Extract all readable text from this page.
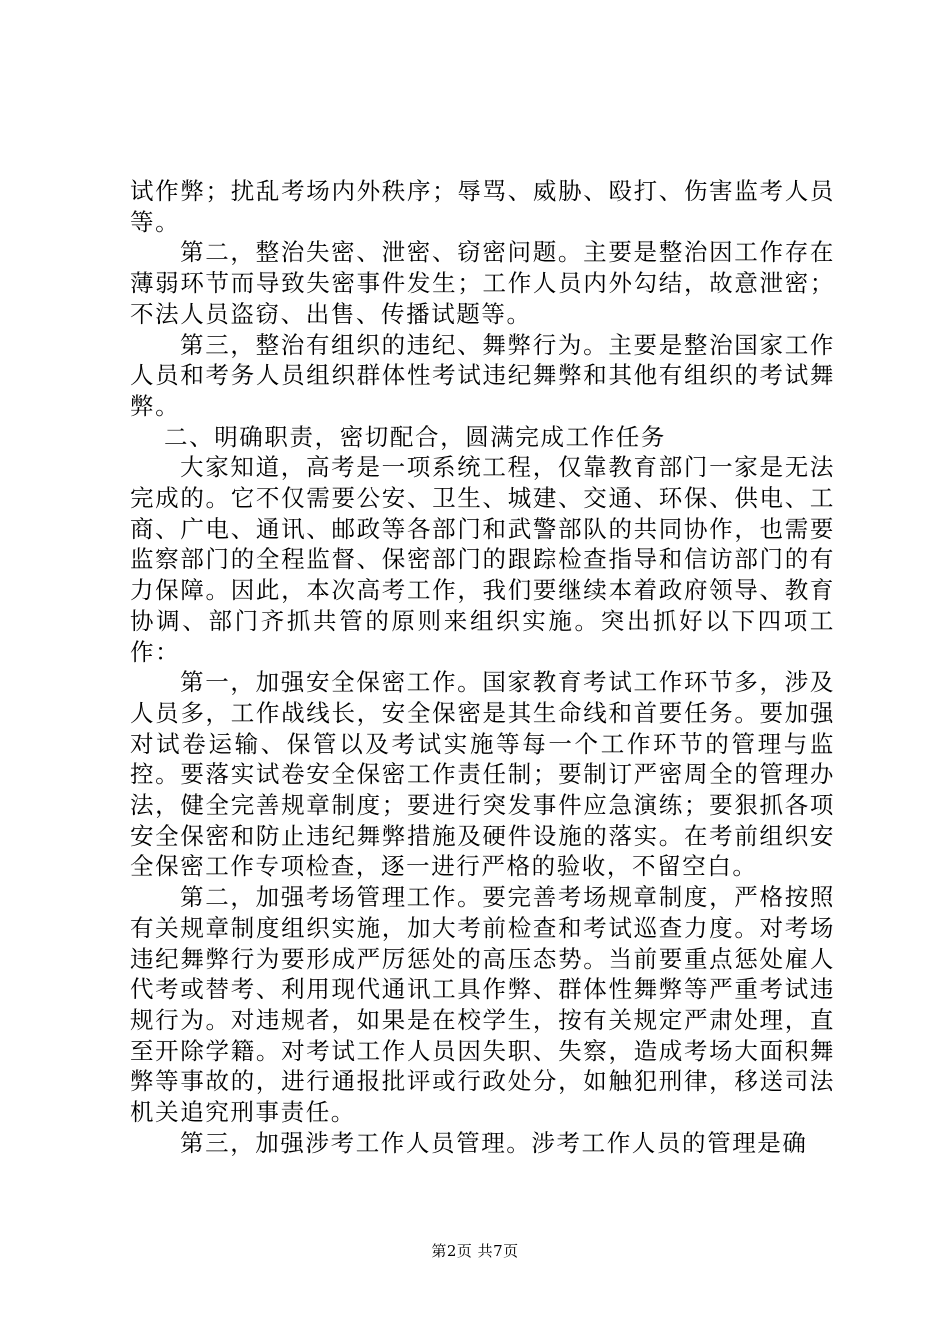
试作弊；扰乱考场内外秩序；辱骂、威胁、殴打、伤害监考人员等。

第二，整治失密、泄密、窃密问题。主要是整治因工作存在薄弱环节而导致失密事件发生；工作人员内外勾结，故意泄密；不法人员盗窃、出售、传播试题等。

第三，整治有组织的违纪、舞弊行为。主要是整治国家工作人员和考务人员组织群体性考试违纪舞弊和其他有组织的考试舞弊。

二、明确职责，密切配合，圆满完成工作任务

大家知道，高考是一项系统工程，仅靠教育部门一家是无法完成的。它不仅需要公安、卫生、城建、交通、环保、供电、工商、广电、通讯、邮政等各部门和武警部队的共同协作，也需要监察部门的全程监督、保密部门的跟踪检查指导和信访部门的有力保障。因此，本次高考工作，我们要继续本着政府领导、教育协调、部门齐抓共管的原则来组织实施。突出抓好以下四项工作：

第一，加强安全保密工作。国家教育考试工作环节多，涉及人员多，工作战线长，安全保密是其生命线和首要任务。要加强对试卷运输、保管以及考试实施等每一个工作环节的管理与监控。要落实试卷安全保密工作责任制；要制订严密周全的管理办法，健全完善规章制度；要进行突发事件应急演练；要狠抓各项安全保密和防止违纪舞弊措施及硬件设施的落实。在考前组织安全保密工作专项检查，逐一进行严格的验收，不留空白。

第二，加强考场管理工作。要完善考场规章制度，严格按照有关规章制度组织实施，加大考前检查和考试巡查力度。对考场违纪舞弊行为要形成严厉惩处的高压态势。当前要重点惩处雇人代考或替考、利用现代通讯工具作弊、群体性舞弊等严重考试违规行为。对违规者，如果是在校学生，按有关规定严肃处理，直至开除学籍。对考试工作人员因失职、失察，造成考场大面积舞弊等事故的，进行通报批评或行政处分，如触犯刑律，移送司法机关追究刑事责任。

第三，加强涉考工作人员管理。涉考工作人员的管理是确

第2页 共7页
